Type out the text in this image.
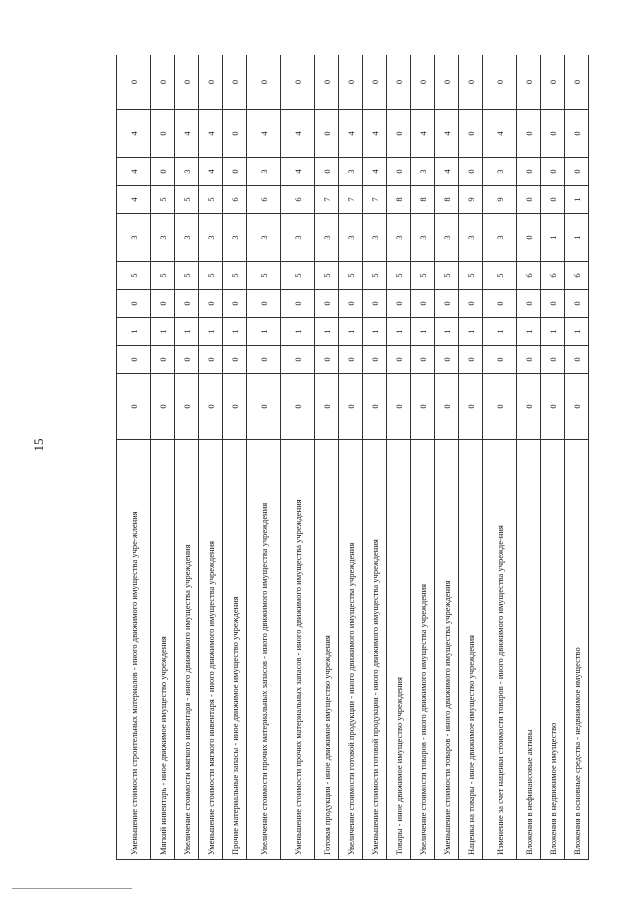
15
Уменьшение стоимости строительных материалов - иного движимого имущества учре-жления	0	0	1	0	5	3	4	4	4	0
Мягкий инвентарь - иное движимое имущество учреждения	0	0	1	0	5	3	5	0	0	0
Увеличение стоимости мягкого инвентаря - иного движимого имущества учреждения	0	0	1	0	5	3	5	3	4	0
Уменьшение стоимости мягкого инвентаря - иного движимого имущества учреждения	0	0	1	0	5	3	5	4	4	0
Прочие материальные запасы - иное движимое имущество учреждения	0	0	1	0	5	3	6	0	0	0
Увеличение стоимости прочих материальных запасов - иного движимого имущества учреждения	0	0	1	0	5	3	6	3	4	0
Уменьшение стоимости прочих материальных запасов - иного движимого имущества учреждения	0	0	1	0	5	3	6	4	4	0
Готовая продукция - иное движимое имущество учреждения	0	0	1	0	5	3	7	0	0	0
Увеличение стоимости готовой продукции - иного движимого имущества учреждения	0	0	1	0	5	3	7	3	4	0
Уменьшение стоимости готовой продукции - иного движимого имущества учреждения	0	0	1	0	5	3	7	4	4	0
Товары - иное движимое имущество учреждения	0	0	1	0	5	3	8	0	0	0
Увеличение стоимости товаров - иного движимого имущества учреждения	0	0	1	0	5	3	8	3	4	0
Уменьшение стоимости товаров - иного движимого имущества учреждения	0	0	1	0	5	3	8	4	4	0
Наценка на товары - иное движимое имущество учреждения	0	0	1	0	5	3	9	0	0	0
Изменение за счет наценки стоимости товаров - иного движимого имущества учрежде-ния	0	0	1	0	5	3	9	3	4	0
Вложения в нефинансовые активы	0	0	1	0	6	0	0	0	0	0
Вложения в недвижимое имущество	0	0	1	0	6	1	0	0	0	0
Вложения в основные средства - недвижимое имущество	0	0	1	0	6	1	1	0	0	0
